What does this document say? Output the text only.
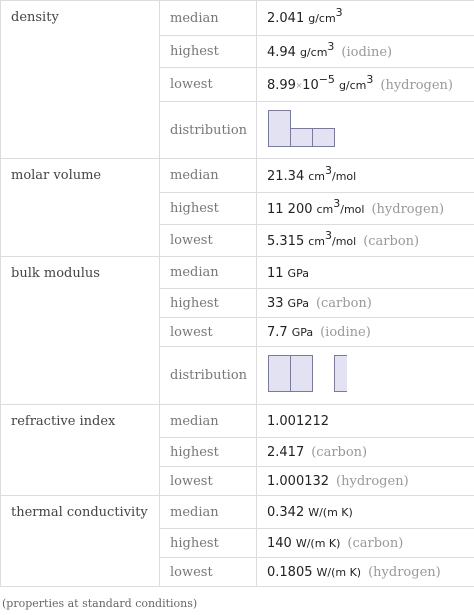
density	median	2.041 $g/cm^3$
	highest	4.94 $g/cm^3$ (iodine)
	lowest	$8.99\times 10^{-5}$ $g/cm^3$ (hydrogen)
	distribution	
molar volume	median	21.34 $cm^3$/mol
	highest	11 200 $cm^3$/mol (hydrogen)
	lowest	5.315 $cm^3$/mol (carbon)
bulk modulus	median	11 GPa
	highest	33 GPa (carbon)
	lowest	7.7 GPa (iodine)
	distribution	
refractive index	median	1.001212
	highest	2.417 (carbon)
	lowest	1.000132 (hydrogen)
thermal conductivity	median	0.342 W/(m K)
	highest	140 W/(m K) (carbon)
	lowest	0.1805 W/(m K) (hydrogen)
(properties at standard conditions)
